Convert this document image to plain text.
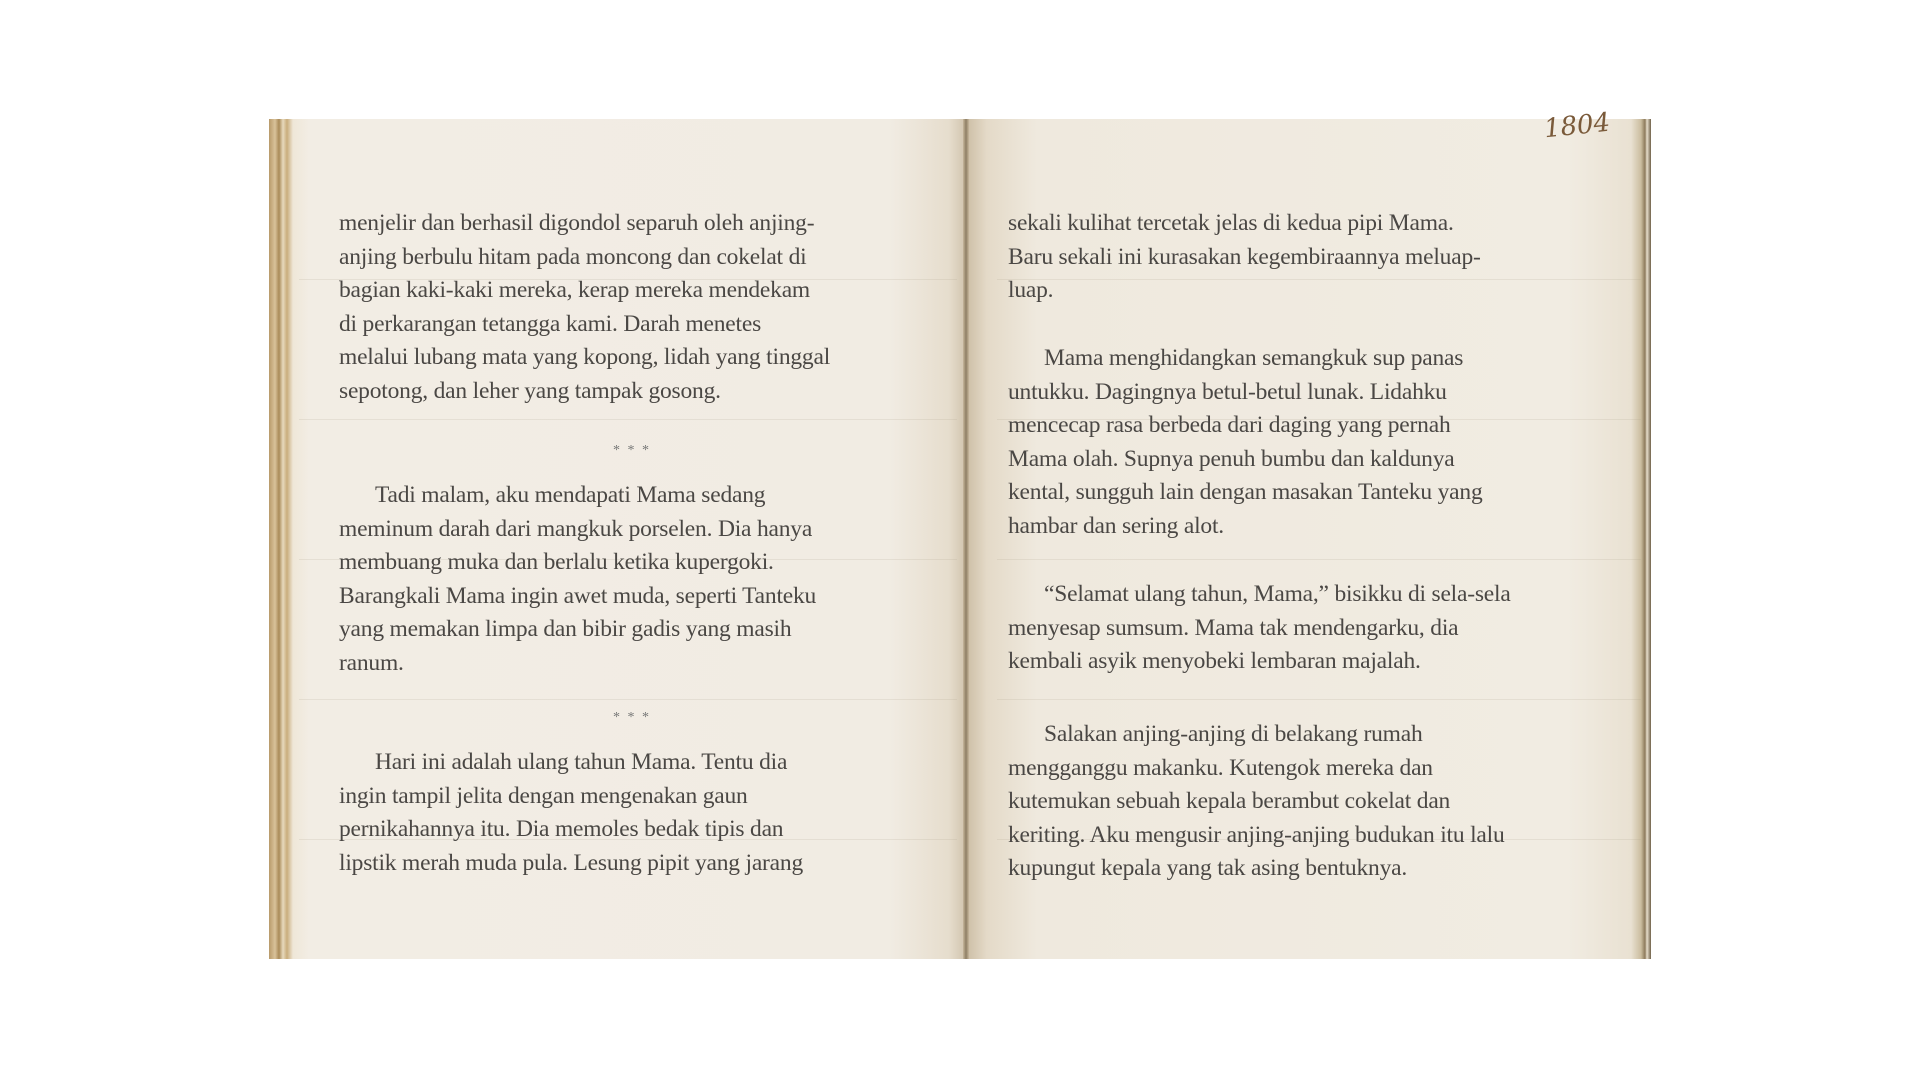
menjelir dan berhasil digondol separuh oleh anjing-
anjing berbulu hitam pada moncong dan cokelat di
bagian kaki-kaki mereka, kerap mereka mendekam
di perkarangan tetangga kami. Darah menetes
melalui lubang mata yang kopong, lidah yang tinggal
sepotong, dan leher yang tampak gosong.
* * *
Tadi malam, aku mendapati Mama sedang
meminum darah dari mangkuk porselen. Dia hanya
membuang muka dan berlalu ketika kupergoki.
Barangkali Mama ingin awet muda, seperti Tanteku
yang memakan limpa dan bibir gadis yang masih
ranum.
* * *
Hari ini adalah ulang tahun Mama. Tentu dia
ingin tampil jelita dengan mengenakan gaun
pernikahannya itu. Dia memoles bedak tipis dan
lipstik merah muda pula. Lesung pipit yang jarang
sekali kulihat tercetak jelas di kedua pipi Mama.
Baru sekali ini kurasakan kegembiraannya meluap-
luap.
Mama menghidangkan semangkuk sup panas
untukku. Dagingnya betul-betul lunak. Lidahku
mencecap rasa berbeda dari daging yang pernah
Mama olah. Supnya penuh bumbu dan kaldunya
kental, sungguh lain dengan masakan Tanteku yang
hambar dan sering alot.
“Selamat ulang tahun, Mama,” bisikku di sela-sela
menyesap sumsum. Mama tak mendengarku, dia
kembali asyik menyobeki lembaran majalah.
Salakan anjing-anjing di belakang rumah
mengganggu makanku. Kutengok mereka dan
kutemukan sebuah kepala berambut cokelat dan
keriting. Aku mengusir anjing-anjing budukan itu lalu
kupungut kepala yang tak asing bentuknya.
1804
